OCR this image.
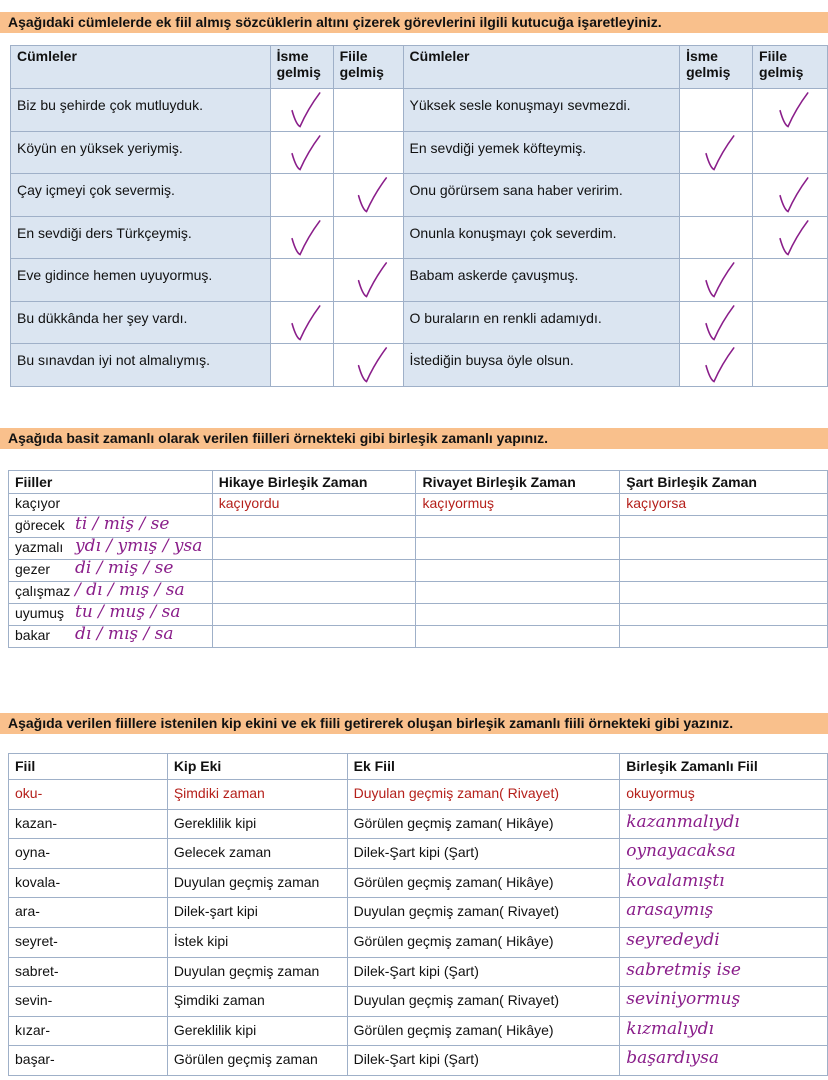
Aşağıdaki cümlelerde ek fiil almış sözcüklerin altını çizerek görevlerini ilgili kutucuğa işaretleyiniz.
Cümleler	İsme gelmiş	Fiile gelmiş	Cümleler	İsme gelmiş	Fiile gelmiş
Biz bu şehirde çok mutluyduk.			Yüksek sesle konuşmayı sevmezdi.		

Köyün en yüksek yeriymiş.			En sevdiği yemek köfteymiş.	

Çay içmeyi çok severmiş.			Onu görürsem sana haber veririm.		

En sevdiği ders Türkçeymiş.			Onunla konuşmayı çok severdim.		

Eve gidince hemen uyuyormuş.			Babam askerde çavuşmuş.	

Bu dükkânda her şey vardı.			O buraların en renkli adamıydı.	

Bu sınavdan iyi not almalıymış.			İstediğin buysa öyle olsun.	

Aşağıda basit zamanlı olarak verilen fiilleri örnekteki gibi birleşik zamanlı yapınız.
Fiiller	Hikaye Birleşik Zaman	Rivayet Birleşik Zaman	Şart Birleşik Zaman
kaçıyor	kaçıyordu	kaçıyormuş	kaçıyorsa
görecek ti / miş / se			

yazmalı ydı / ymış / ysa			

gezer di / miş / se			

çalışmaz / dı / mış / sa			

uyumuş tu / muş / sa			

bakar dı / mış / sa			

Aşağıda verilen fiillere istenilen kip ekini ve ek fiili getirerek oluşan birleşik zamanlı fiili örnekteki gibi yazınız.
Fiil	Kip Eki	Ek Fiil	Birleşik Zamanlı Fiil
oku-	Şimdiki zaman	Duyulan geçmiş zaman( Rivayet)	okuyormuş
kazan-	Gereklilik kipi	Görülen geçmiş zaman( Hikâye)	kazanmalıydı

oyna-	Gelecek zaman	Dilek-Şart kipi (Şart)	oynayacaksa

kovala-	Duyulan geçmiş zaman	Görülen geçmiş zaman( Hikâye)	kovalamıştı

ara-	Dilek-şart kipi	Duyulan geçmiş zaman( Rivayet)	arasaymış

seyret-	İstek kipi	Görülen geçmiş zaman( Hikâye)	seyredeydi

sabret-	Duyulan geçmiş zaman	Dilek-Şart kipi (Şart)	sabretmiş ise

sevin-	Şimdiki zaman	Duyulan geçmiş zaman( Rivayet)	seviniyormuş

kızar-	Gereklilik kipi	Görülen geçmiş zaman( Hikâye)	kızmalıydı

başar-	Görülen geçmiş zaman	Dilek-Şart kipi (Şart)	başardıysa
